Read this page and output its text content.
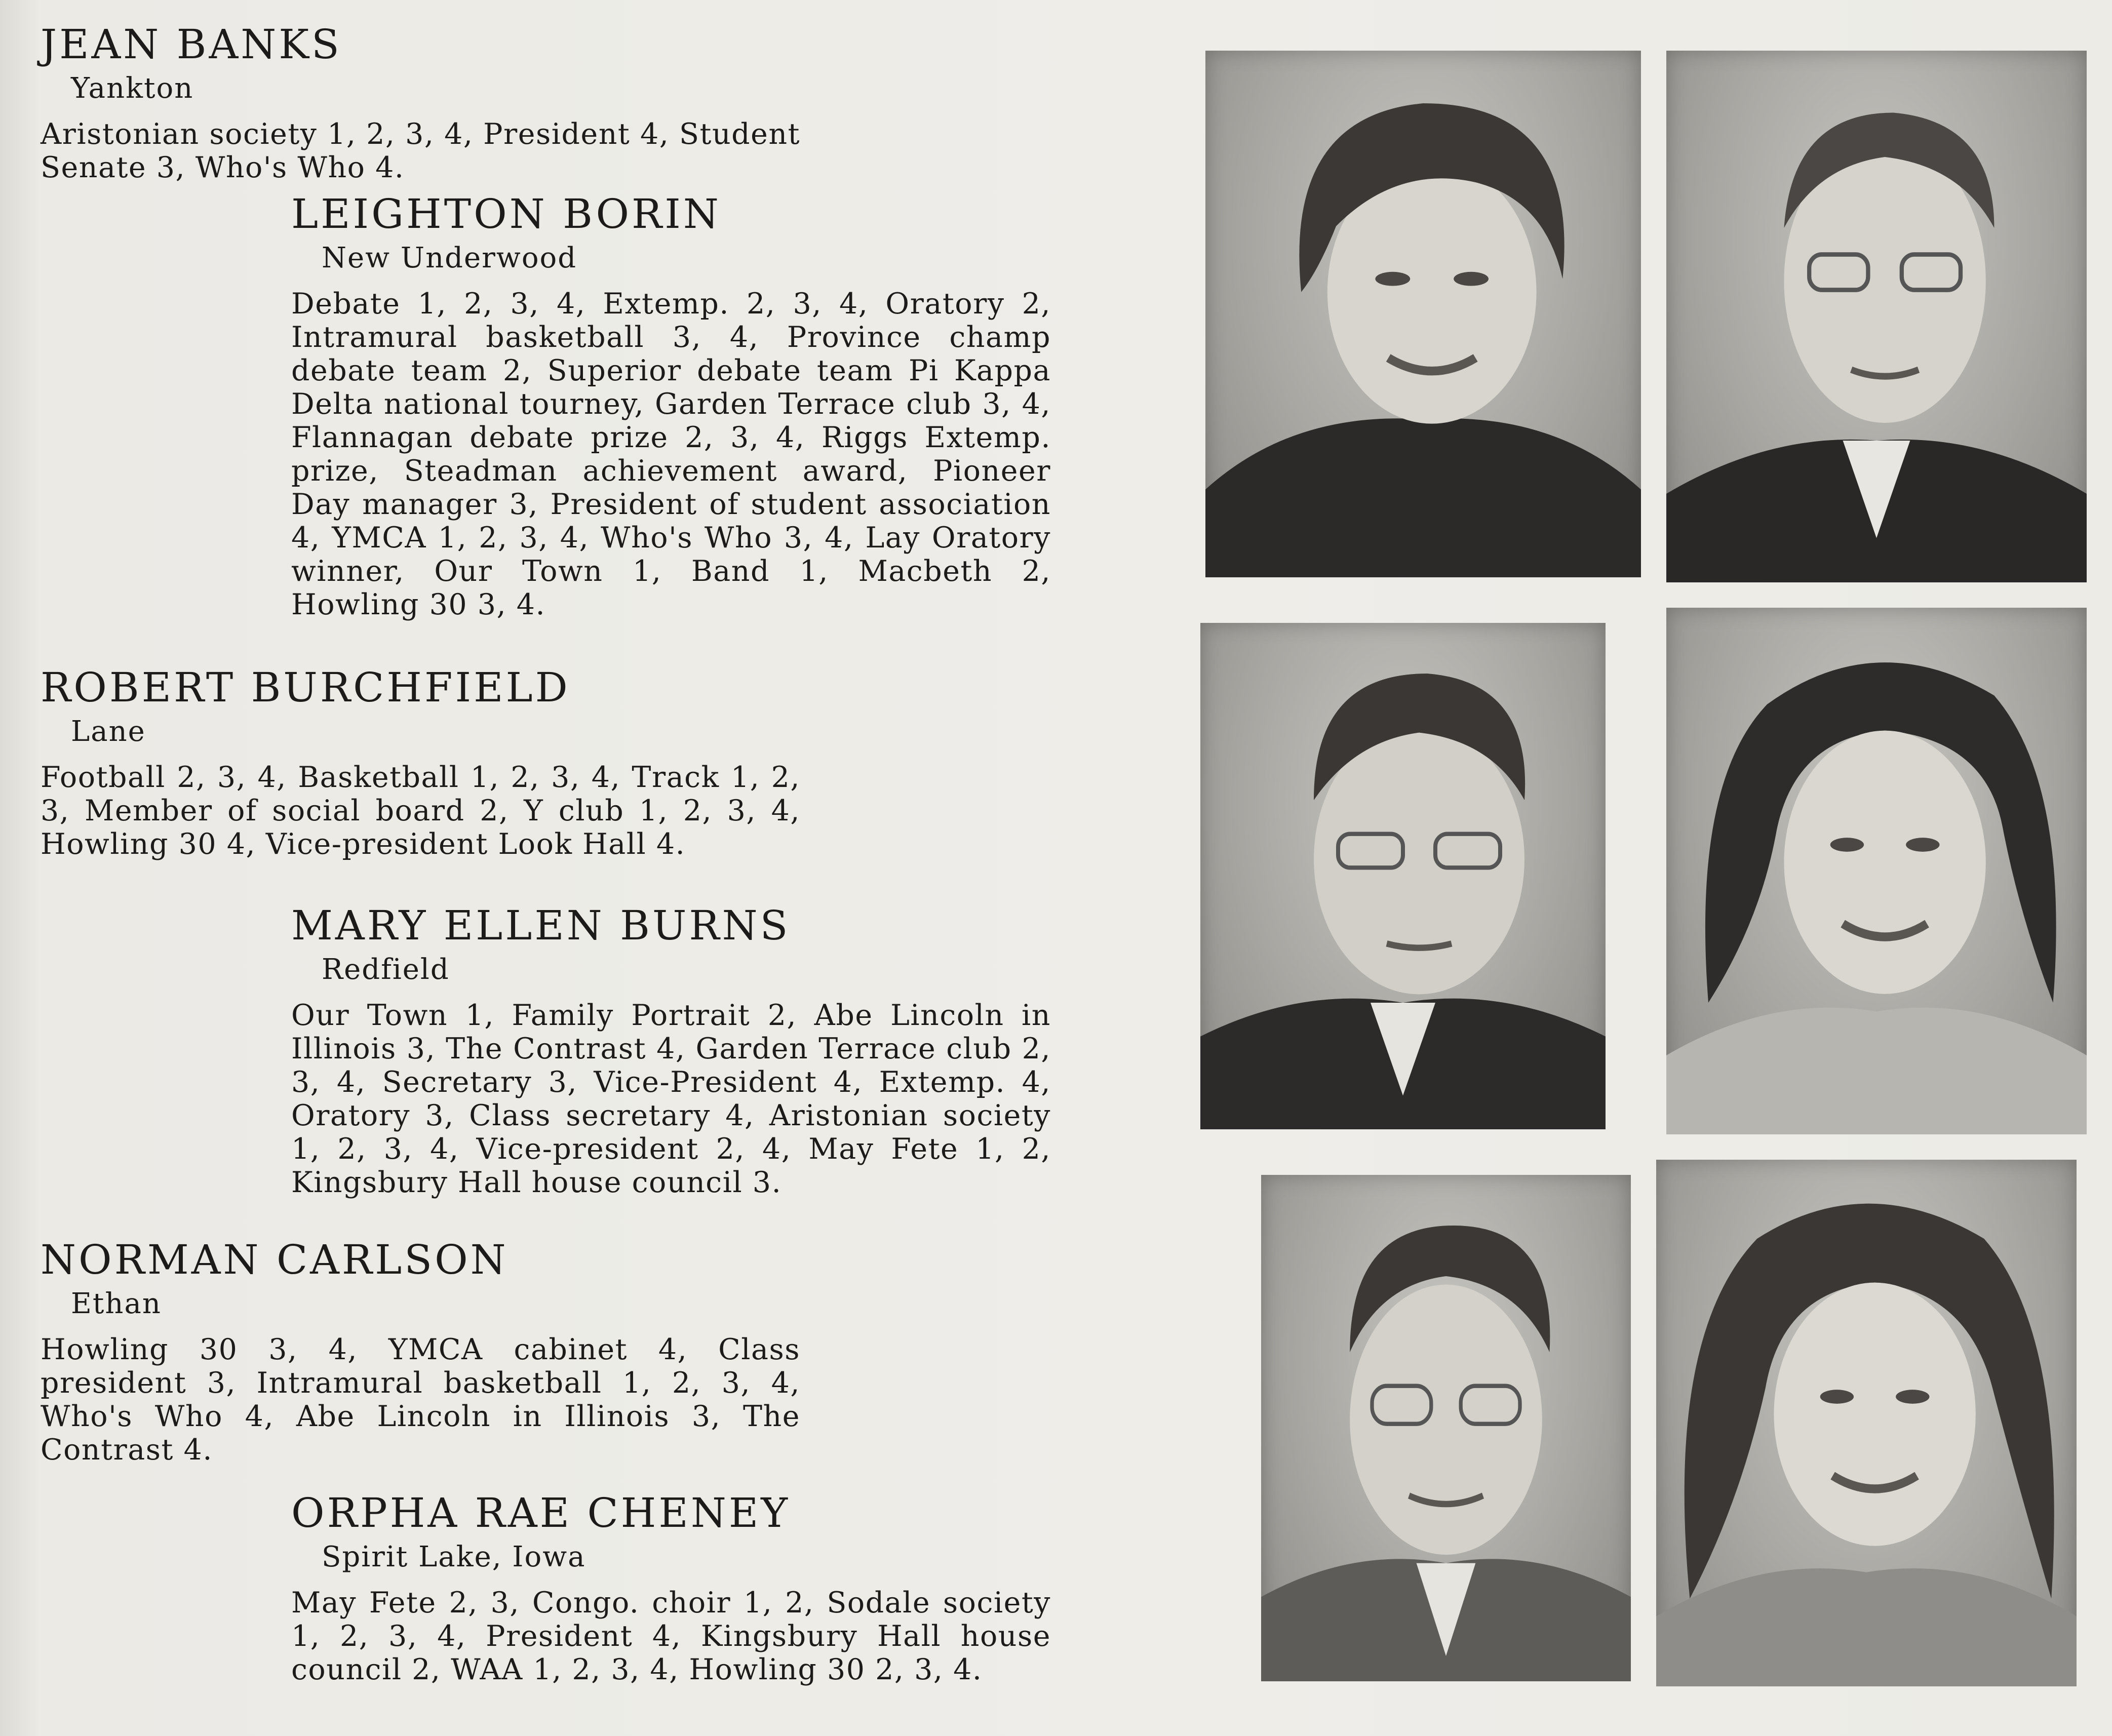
JEAN BANKS
Yankton
Aristonian society 1, 2, 3, 4, President 4, Student Senate 3, Who's Who 4.
LEIGHTON BORIN
New Underwood
Debate 1, 2, 3, 4, Extemp. 2, 3, 4, Oratory 2, Intramural basketball 3, 4, Province champ debate team 2, Superior debate team Pi Kappa Delta national tourney, Garden Terrace club 3, 4, Flannagan debate prize 2, 3, 4, Riggs Extemp. prize, Steadman achievement award, Pioneer Day manager 3, President of student association 4, YMCA 1, 2, 3, 4, Who's Who 3, 4, Lay Oratory winner, Our Town 1, Band 1, Macbeth 2, Howling 30 3, 4.
ROBERT BURCHFIELD
Lane
Football 2, 3, 4, Basketball 1, 2, 3, 4, Track 1, 2, 3, Member of social board 2, Y club 1, 2, 3, 4, Howling 30 4, Vice-president Look Hall 4.
MARY ELLEN BURNS
Redfield
Our Town 1, Family Portrait 2, Abe Lincoln in Illinois 3, The Contrast 4, Garden Terrace club 2, 3, 4, Secretary 3, Vice-President 4, Extemp. 4, Oratory 3, Class secretary 4, Aristonian society 1, 2, 3, 4, Vice-president 2, 4, May Fete 1, 2, Kingsbury Hall house council 3.
NORMAN CARLSON
Ethan
Howling 30 3, 4, YMCA cabinet 4, Class president 3, Intramural basketball 1, 2, 3, 4, Who's Who 4, Abe Lincoln in Illinois 3, The Contrast 4.
ORPHA RAE CHENEY
Spirit Lake, Iowa
May Fete 2, 3, Congo. choir 1, 2, Sodale society 1, 2, 3, 4, President 4, Kingsbury Hall house council 2, WAA 1, 2, 3, 4, Howling 30 2, 3, 4.
